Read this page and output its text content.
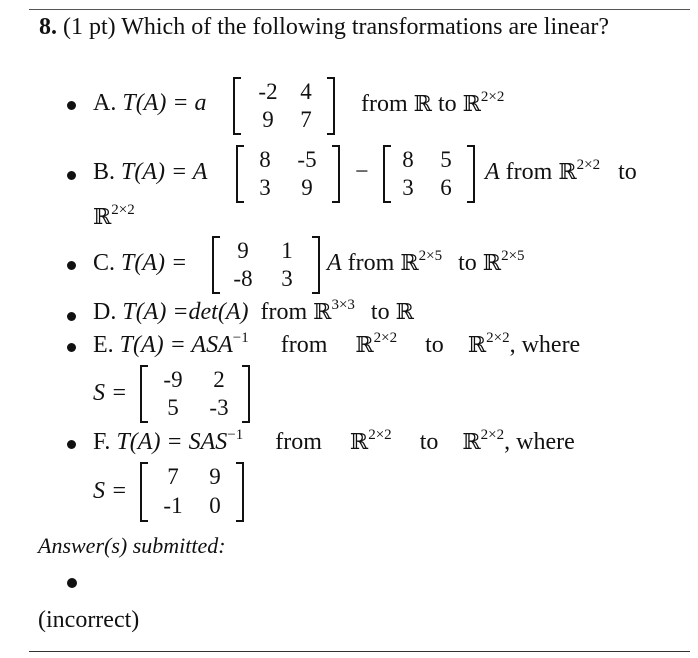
8. (1 pt) Which of the following transformations are linear?
A. T(A) = a	-2 4
9	7
from ℝ to ℝ$^{2\times 2}$
B. T(A) = A	8	-5
3	9
−	8	5
3	6
A from ℝ$^{2\times 2}$ to
ℝ$^{2\times 2}$
C. T(A) =	9	1
-8	3
A from ℝ$^{2\times 5}$ to ℝ$^{2\times 5}$
D. T(A) =det(A) from ℝ$^{3\times 3}$ to ℝ
E. $T(A) = ASA^{-1}$ from ℝ$^{2\times 2}$ to ℝ$^{2\times 2}$, where
S =
-9	2
5	-3
F. $T(A) = SAS^{-1}$ from ℝ$^{2\times 2}$ to ℝ$^{2\times 2}$, where
S =
7	9
-1	0
Answer(s) submitted:
(incorrect)
